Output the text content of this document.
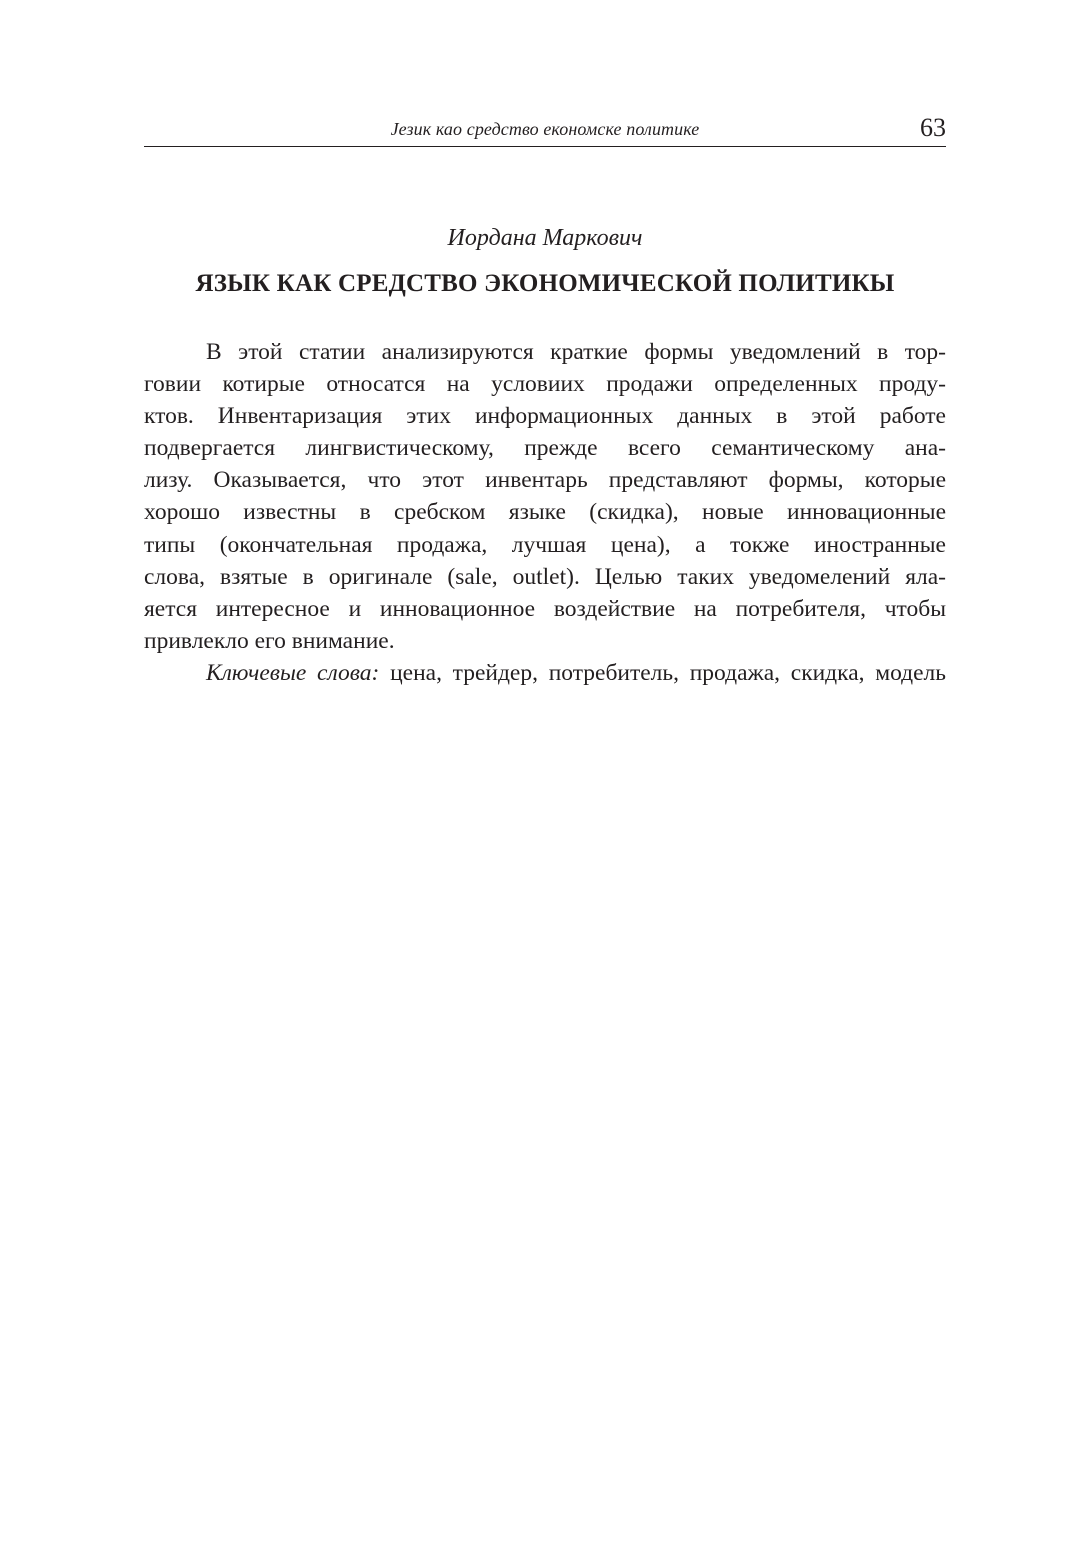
Језик као средство економске политике	63
Иордана Маркович
ЯЗЫК КАК СРЕДСТВО ЭКОНОМИЧЕСКОЙ ПОЛИТИКЫ
В этой статии анализируются краткие формы уведомлений в тор-
говии котирые относатся на условиих продажи определенных проду-
ктов. Инвентаризация этих информационных данных в этой работе
подвергается лингвистическому, прежде всего семантическому ана-
лизу. Оказывается, что этот инвентарь представляют формы, которые
хорошо известны в сребском языке (скидка), новые инновационные
типы (окончательная продажа, лучшая цена), а токже иностранные
слова, взятые в оригинале (sale, outlet). Целью таких уведомелений яла-
яется интересное и инновационное воздействие на потребителя, чтобы
привлекло его внимание.
Ключевые слова: цена, трейдер, потребитель, продажа, скидка, модель
